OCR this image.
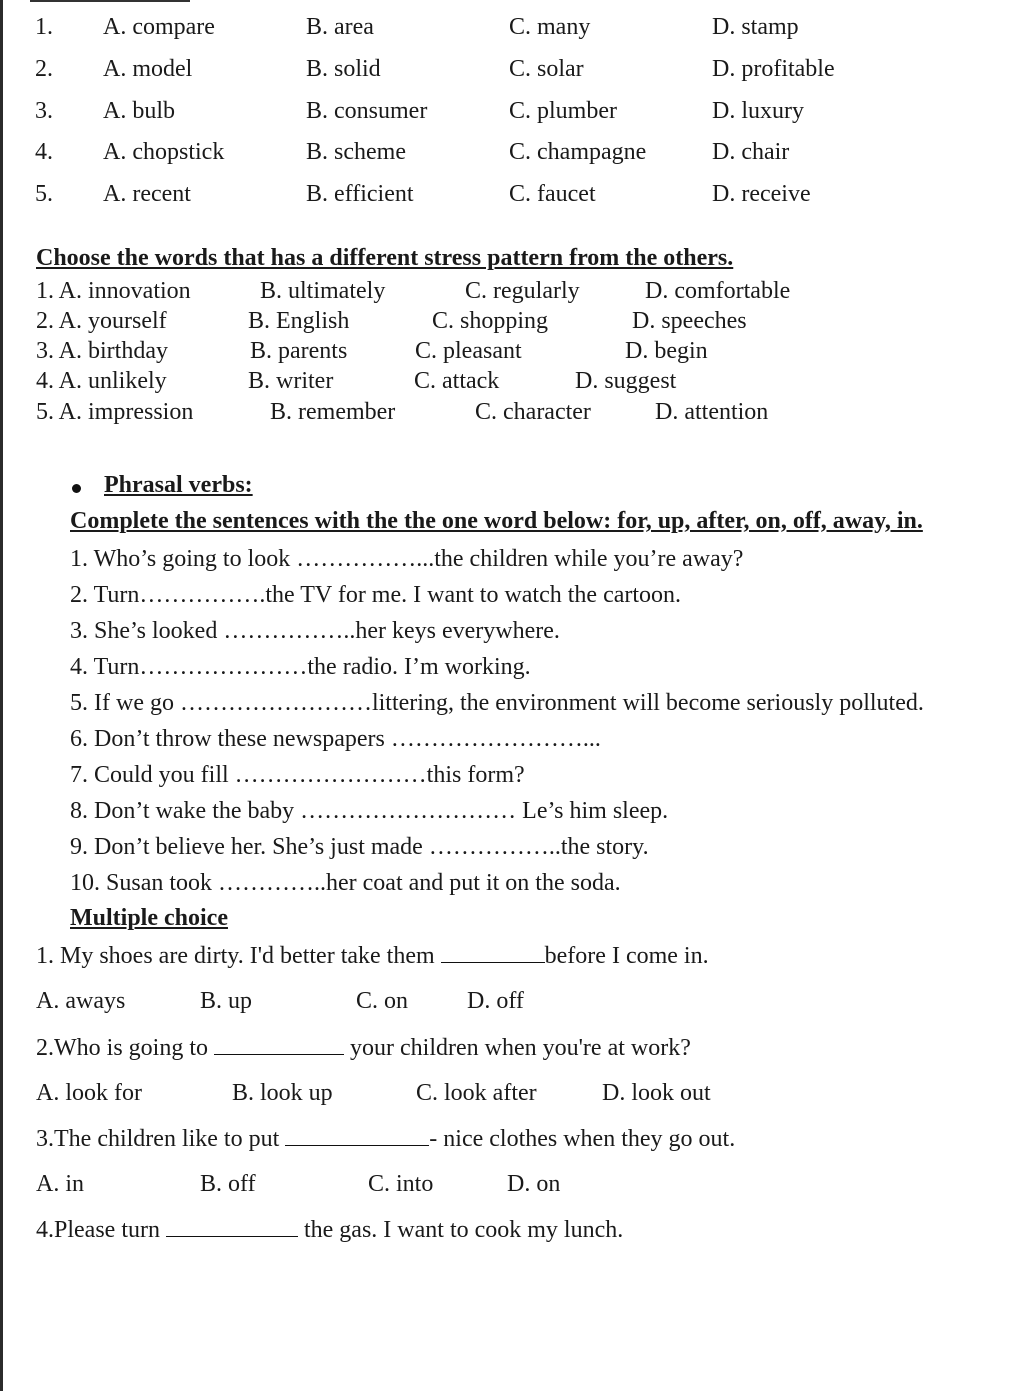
1. A. compare	B. area	C. many	D. stamp
2. A. model	B. solid	C. solar	D. profitable
3. A. bulb	B. consumer	C. plumber	D. luxury
4. A. chopstick	B. scheme	C. champagne	D. chair
5. A. recent	B. efficient	C. faucet	D. receive
Choose the words that has a different stress pattern from the others.
1. A. innovation	B. ultimately	C. regularly	D. comfortable
2. A. yourself	B. English	C. shopping	D. speeches
3. A. birthday	B. parents	C. pleasant	D. begin
4. A. unlikely	B. writer	C. attack	D. suggest
5. A. impression	B. remember	C. character	D. attention
Phrasal verbs:
Complete the sentences with the the one word below: for, up, after, on, off, away, in.
1. Who’s going to look ……………...the children while you’re away?
2. Turn…………….the TV for me. I want to watch the cartoon.
3. She’s looked ……………..her keys everywhere.
4. Turn…………………the radio. I’m working.
5. If we go ……………………littering, the environment will become seriously polluted.
6. Don’t throw these newspapers ……………………...
7. Could you fill ……………………this form?
8. Don’t wake the baby ……………………… Le’s him sleep.
9. Don’t believe her. She’s just made ……………..the story.
10. Susan took …………..her coat and put it on the soda.
Multiple choice
1. My shoes are dirty. I'd better take them	before I come in.
A. aways	B. up	C. on D. off
2.Who is going to	your children when you're at work?
A. look for	B. look up	C. look after	D. look out
3.The children like to put	- nice clothes when they go out.
A. in	B. off	C. into	D. on
4.Please turn	the gas. I want to cook my lunch.
